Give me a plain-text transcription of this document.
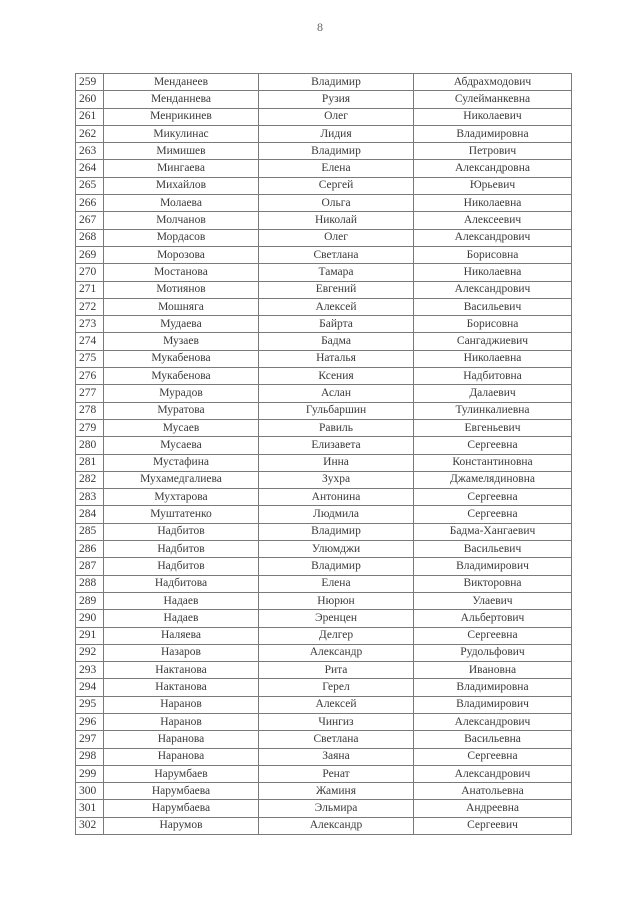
8
259	Менданеев	Владимир	Абдрахмодович
260	Менданнева	Рузия	Сулейманкевна
261	Менрикинев	Олег	Николаевич
262	Микулинас	Лидия	Владимировна
263	Мимишев	Владимир	Петрович
264	Мингаева	Елена	Александровна
265	Михайлов	Сергей	Юрьевич
266	Молаева	Ольга	Николаевна
267	Молчанов	Николай	Алексеевич
268	Мордасов	Олег	Александрович
269	Морозова	Светлана	Борисовна
270	Мостанова	Тамара	Николаевна
271	Мотиянов	Евгений	Александрович
272	Мошняга	Алексей	Васильевич
273	Мудаева	Байрта	Борисовна
274	Музаев	Бадма	Сангаджиевич
275	Мукабенова	Наталья	Николаевна
276	Мукабенова	Ксения	Надбитовна
277	Мурадов	Аслан	Далаевич
278	Муратова	Гульбаршин	Тулинкалиевна
279	Мусаев	Равиль	Евгеньевич
280	Мусаева	Елизавета	Сергеевна
281	Мустафина	Инна	Константиновна
282	Мухамедгалиева	Зухра	Джамелядиновна
283	Мухтарова	Антонина	Сергеевна
284	Муштатенко	Людмила	Сергеевна
285	Надбитов	Владимир	Бадма-Хангаевич
286	Надбитов	Улюмджи	Васильевич
287	Надбитов	Владимир	Владимирович
288	Надбитова	Елена	Викторовна
289	Надаев	Нюрюн	Улаевич
290	Надаев	Эренцен	Альбертович
291	Наляева	Делгер	Сергеевна
292	Назаров	Александр	Рудольфович
293	Нактанова	Рита	Ивановна
294	Нактанова	Герел	Владимировна
295	Наранов	Алексей	Владимирович
296	Наранов	Чингиз	Александрович
297	Наранова	Светлана	Васильевна
298	Наранова	Заяна	Сергеевна
299	Нарумбаев	Ренат	Александрович
300	Нарумбаева	Жаминя	Анатольевна
301	Нарумбаева	Эльмира	Андреевна
302	Нарумов	Александр	Сергеевич
